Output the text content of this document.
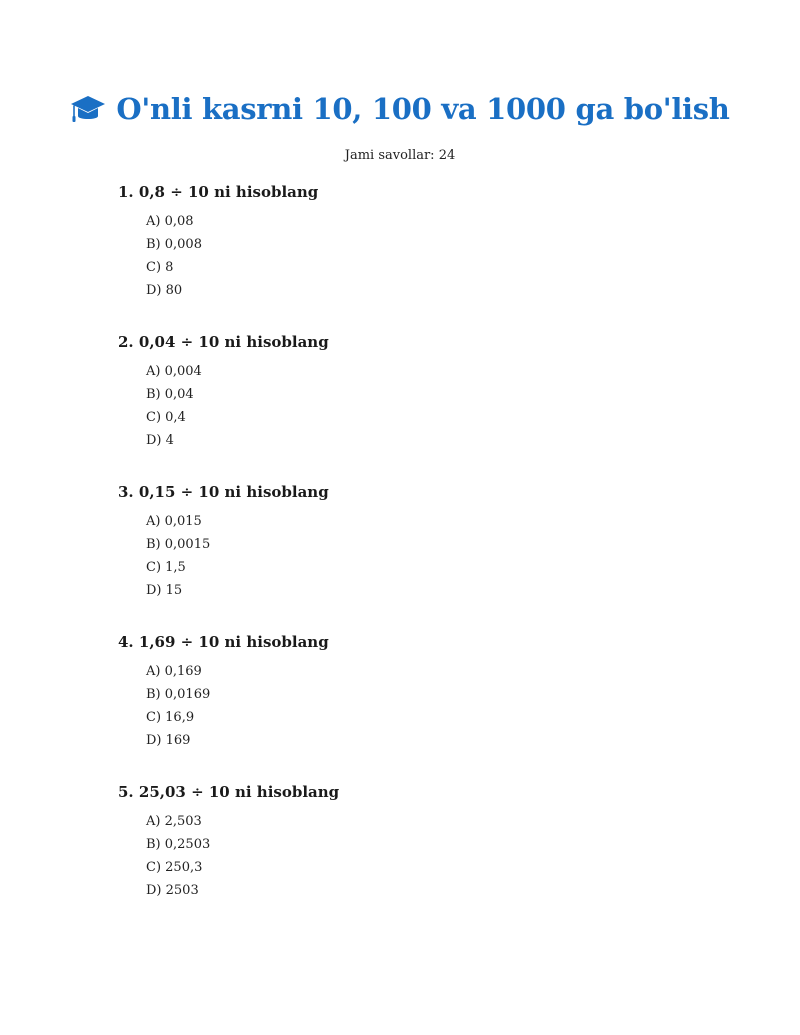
O'nli kasrni 10, 100 va 1000 ga bo'lish
Jami savollar: 24
1. 0,8 ÷ 10 ni hisoblang
A) 0,08
B) 0,008
C) 8
D) 80
2. 0,04 ÷ 10 ni hisoblang
A) 0,004
B) 0,04
C) 0,4
D) 4
3. 0,15 ÷ 10 ni hisoblang
A) 0,015
B) 0,0015
C) 1,5
D) 15
4. 1,69 ÷ 10 ni hisoblang
A) 0,169
B) 0,0169
C) 16,9
D) 169
5. 25,03 ÷ 10 ni hisoblang
A) 2,503
B) 0,2503
C) 250,3
D) 2503
